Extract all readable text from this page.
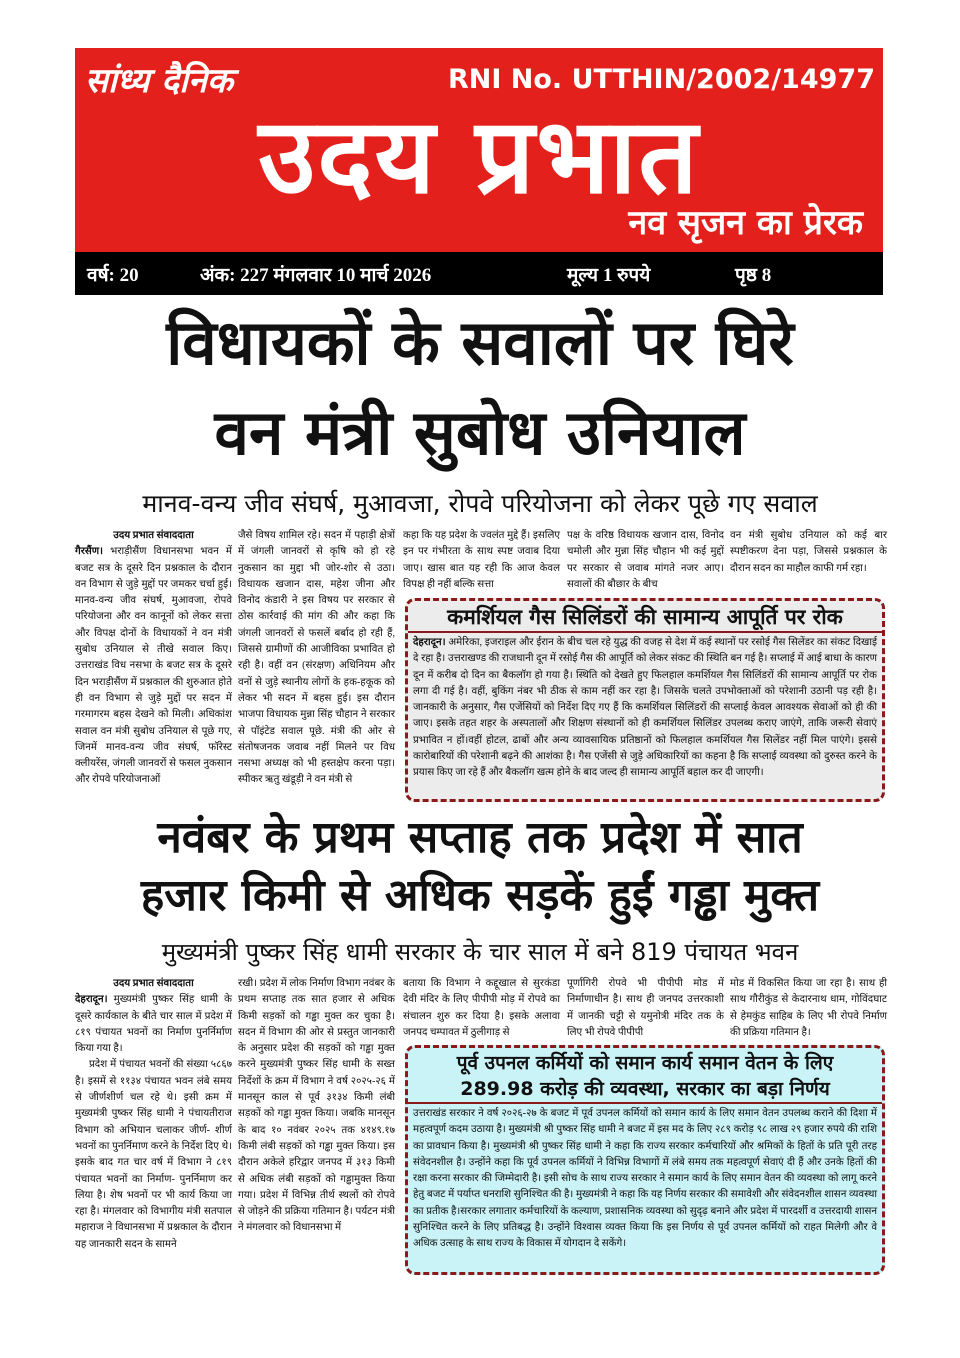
सांध्य दैनिक	RNI No. UTTHIN/2002/14977
उदय प्रभात
नव सृजन का प्रेरक
वर्ष: 20	अंक: 227 मंगलवार 10 मार्च 2026	मूल्य 1 रुपये	पृष्ठ 8
विधायकों के सवालों पर घिरे
वन मंत्री सुबोध उनियाल
मानव-वन्य जीव संघर्ष, मुआवजा, रोपवे परियोजना को लेकर पूछे गए सवाल
उदय प्रभात संवाददाता
गैरसैंण। भराड़ीसैंण विधानसभा भवन में बजट सत्र के दूसरे दिन प्रश्नकाल के दौरान वन विभाग से जुड़े मुद्दों पर जमकर चर्चा हुई। मानव-वन्य जीव संघर्ष, मुआवजा, रोपवे परियोजना और वन कानूनों को लेकर सत्ता और विपक्ष दोनों के विधायकों ने वन मंत्री सुबोध उनियाल से तीखे सवाल किए। उत्तराखंड विध नसभा के बजट सत्र के दूसरे दिन भराड़ीसैंण में प्रश्नकाल की शुरुआत होते ही वन विभाग से जुड़े मुद्दों पर सदन में गरमागरम बहस देखने को मिली। अधिकांश सवाल वन मंत्री सुबोध उनियाल से पूछे गए, जिनमें मानव-वन्य जीव संघर्ष, फॉरेस्ट क्लीयरेंस, जंगली जानवरों से फसल नुकसान और रोपवे परियोजनाओं
जैसे विषय शामिल रहे। सदन में पहाड़ी क्षेत्रों में जंगली जानवरों से कृषि को हो रहे नुकसान का मुद्दा भी जोर-शोर से उठा। विधायक खजान दास, महेश जीना और विनोद कंडारी ने इस विषय पर सरकार से ठोस कार्रवाई की मांग की और कहा कि जंगली जानवरों से फसलें बर्बाद हो रही हैं, जिससे ग्रामीणों की आजीविका प्रभावित हो रही है। वहीं वन (संरक्षण) अधिनियम और वनों से जुड़े स्थानीय लोगों के हक-हकूक को लेकर भी सदन में बहस हुई। इस दौरान भाजपा विधायक मुन्ना सिंह चौहान ने सरकार से पॉइंटेड सवाल पूछे. मंत्री की ओर से संतोषजनक जवाब नहीं मिलने पर विध नसभा अध्यक्ष को भी हस्तक्षेप करना पड़ा। स्पीकर ऋतु खंडूड़ी ने वन मंत्री से
कहा कि यह प्रदेश के ज्वलंत मुद्दे हैं। इसलिए इन पर गंभीरता के साथ स्पष्ट जवाब दिया जाए। खास बात यह रही कि आज केवल विपक्ष ही नहीं बल्कि सत्ता
पक्ष के वरिष्ठ विधायक खजान दास, विनोद चमोली और मुन्ना सिंह चौहान भी कई मुद्दों पर सरकार से जवाब मांगते नजर आए। सवालों की बौछार के बीच
वन मंत्री सुबोध उनियाल को कई बार स्पष्टीकरण देना पड़ा, जिससे प्रश्नकाल के दौरान सदन का माहौल काफी गर्म रहा।
कमर्शियल गैस सिलिंडरों की सामान्य आपूर्ति पर रोक
देहरादून। अमेरिका, इजराइल और ईरान के बीच चल रहे युद्ध की वजह से देश में कई स्थानों पर रसोई गैस सिलेंडर का संकट दिखाई दे रहा है। उत्तराखण्ड की राजधानी दून में रसोई गैस की आपूर्ति को लेकर संकट की स्थिति बन गई है। सप्लाई में आई बाधा के कारण दून में करीब दो दिन का बैकलॉग हो गया है। स्थिति को देखते हुए फिलहाल कमर्शियल गैस सिलिंडरों की सामान्य आपूर्ति पर रोक लगा दी गई है। वहीं, बुकिंग नंबर भी ठीक से काम नहीं कर रहा है। जिसके चलते उपभोक्ताओं को परेशानी उठानी पड़ रही है।जानकारी के अनुसार, गैस एजेंसियों को निर्देश दिए गए हैं कि कमर्शियल सिलिंडरों की सप्लाई केवल आवश्यक सेवाओं को ही की जाए। इसके तहत शहर के अस्पतालों और शिक्षण संस्थानों को ही कमर्शियल सिलिंडर उपलब्ध कराए जाएंगे, ताकि जरूरी सेवाएं प्रभावित न हों।वहीं होटल, ढाबों और अन्य व्यावसायिक प्रतिष्ठानों को फिलहाल कमर्शियल गैस सिलेंडर नहीं मिल पाएंगे। इससे कारोबारियों की परेशानी बढ़ने की आशंका है। गैस एजेंसी से जुड़े अधिकारियों का कहना है कि सप्लाई व्यवस्था को दुरुस्त करने के प्रयास किए जा रहे हैं और बैकलॉग खत्म होने के बाद जल्द ही सामान्य आपूर्ति बहाल कर दी जाएगी।
नवंबर के प्रथम सप्ताह तक प्रदेश में सात
हजार किमी से अधिक सड़कें हुईं गड्ढा मुक्त
मुख्यमंत्री पुष्कर सिंह धामी सरकार के चार साल में बने 819 पंचायत भवन
उदय प्रभात संवाददाता
देहरादून। मुख्यमंत्री पुष्कर सिंह धामी के दूसरे कार्यकाल के बीते चार साल में प्रदेश में ८१९ पंचायत भवनों का निर्माण पुनर्निर्माण किया गया है।
प्रदेश में पंचायत भवनों की संख्या ५८६७ है। इसमें से ११३४ पंचायत भवन लंबे समय से जीर्णशीर्ण चल रहे थे। इसी क्रम में मुख्यमंत्री पुष्कर सिंह धामी ने पंचायतीराज विभाग को अभियान चलाकर जीर्ण- शीर्ण भवनों का पुनर्निमाण करने के निर्देश दिए थे। इसके बाद गत चार वर्ष में विभाग ने ८१९ पंचायत भवनों का निर्माण- पुनर्निमाण कर लिया है। शेष भवनों पर भी कार्य किया जा रहा है। मंगलवार को विभागीय मंत्री सतपाल महाराज ने विधानसभा में प्रश्नकाल के दौरान यह जानकारी सदन के सामने
रखी। प्रदेश में लोक निर्माण विभाग नवंबर के प्रथम सप्ताह तक सात हजार से अधिक किमी सड़कों को गड्ढा मुक्त कर चुका है। सदन में विभाग की ओर से प्रस्तुत जानकारी के अनुसार प्रदेश की सड़कों को गड्ढा मुक्त करने मुख्यमंत्री पुष्कर सिंह धामी के सख्त निर्देशों के क्रम में विभाग ने वर्ष २०२५-२६ में मानसून काल से पूर्व ३१३४ किमी लंबी सड़कों को गड्ढा मुक्त किया। जबकि मानसून के बाद १० नवंबर २०२५ तक ४१४९.१७ किमी लंबी सड़कों को गड्ढा मुक्त किया। इस दौरान अकेले हरिद्वार जनपद में ३१३ किमी से अधिक लंबी सड़कों को गड्ढामुक्त किया गया। प्रदेश में विभिन्न तीर्थ स्थलों को रोपवे से जोड़ने की प्रक्रिया गतिमान है। पर्यटन मंत्री ने मंगलवार को विधानसभा में
बताया कि विभाग ने कद्दूखाल से सुरकंडा देवी मंदिर के लिए पीपीपी मोड़ में रोपवे का संचालन शुरु कर दिया है। इसके अलावा जनपद चम्पावत में ठुलीगाड़ से
पूर्णागिरी रोपवे भी पीपीपी मोड में निर्माणाधीन है। साथ ही जनपद उत्तरकाशी में जानकी चट्टी से यमुनोत्री मंदिर तक के लिए भी रोपवे पीपीपी
मोड में विकसित किया जा रहा है। साथ ही साथ गौरीकुंड से केदारनाथ धाम, गोविंदघाट से हेमकुंड साहिब के लिए भी रोपवे निर्माण की प्रक्रिया गतिमान है।
पूर्व उपनल कर्मियों को समान कार्य समान वेतन के लिए
289.98 करोड़ की व्यवस्था, सरकार का बड़ा निर्णय
उत्तराखंड सरकार ने वर्ष २०२६-२७ के बजट में पूर्व उपनल कर्मियों को समान कार्य के लिए समान वेतन उपलब्ध कराने की दिशा में महत्वपूर्ण कदम उठाया है। मुख्यमंत्री श्री पुष्कर सिंह धामी ने बजट में इस मद के लिए २८९ करोड़ ९८ लाख २९ हजार रुपये की राशि का प्रावधान किया है। मुख्यमंत्री श्री पुष्कर सिंह धामी ने कहा कि राज्य सरकार कर्मचारियों और श्रमिकों के हितों के प्रति पूरी तरह संवेदनशील है। उन्होंने कहा कि पूर्व उपनल कर्मियों ने विभिन्न विभागों में लंबे समय तक महत्वपूर्ण सेवाएं दी हैं और उनके हितों की रक्षा करना सरकार की जिम्मेदारी है। इसी सोच के साथ राज्य सरकार ने समान कार्य के लिए समान वेतन की व्यवस्था को लागू करने हेतु बजट में पर्याप्त धनराशि सुनिश्चित की है। मुख्यमंत्री ने कहा कि यह निर्णय सरकार की समावेशी और संवेदनशील शासन व्यवस्था का प्रतीक है।सरकार लगातार कर्मचारियों के कल्याण, प्रशासनिक व्यवस्था को सुदृढ़ बनाने और प्रदेश में पारदर्शी व उत्तरदायी शासन सुनिश्चित करने के लिए प्रतिबद्ध है। उन्होंने विश्वास व्यक्त किया कि इस निर्णय से पूर्व उपनल कर्मियों को राहत मिलेगी और वे अधिक उत्साह के साथ राज्य के विकास में योगदान दे सकेंगे।
